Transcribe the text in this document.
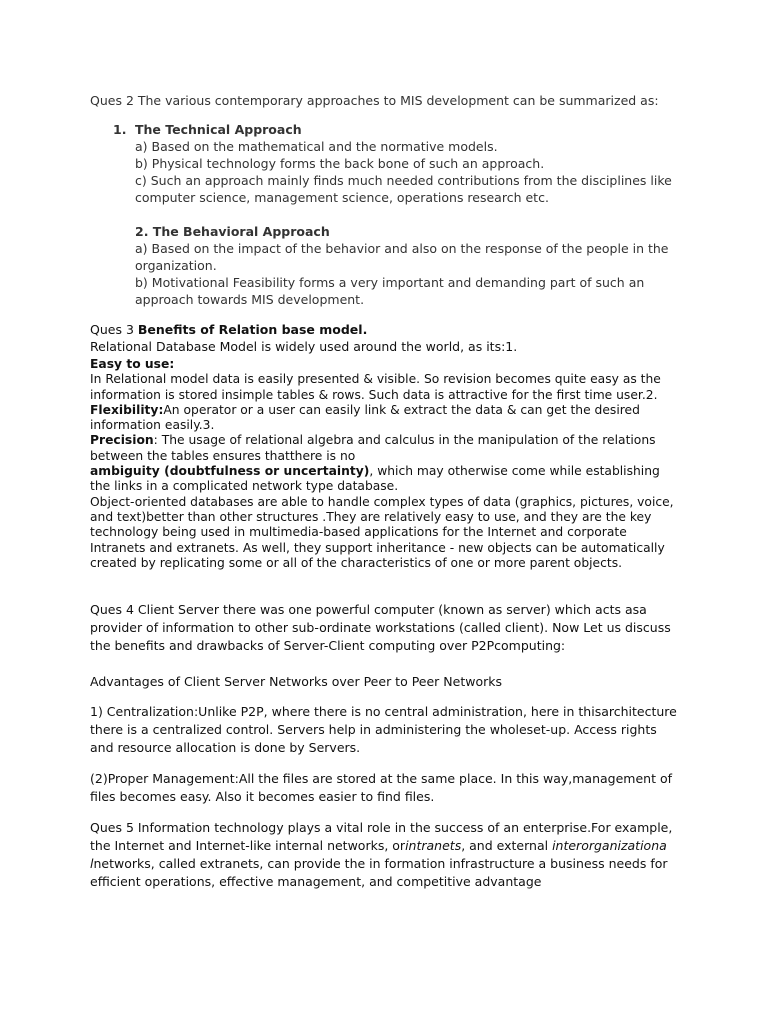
Ques 2 The various contemporary approaches to MIS development can be summarized as:

1. The Technical Approach
a) Based on the mathematical and the normative models.
b) Physical technology forms the back bone of such an approach.
c) Such an approach mainly finds much needed contributions from the disciplines like computer science, management science, operations research etc.
2. The Behavioral Approach
a) Based on the impact of the behavior and also on the response of the people in the organization.
b) Motivational Feasibility forms a very important and demanding part of such an approach towards MIS development.

Ques 3 Benefits of Relation base model.

Relational Database Model is widely used around the world, as its:1.

Easy to use:

In Relational model data is easily presented & visible. So revision becomes quite easy as the information is stored insimple tables & rows. Such data is attractive for the first time user.2.

Flexibility:An operator or a user can easily link & extract the data & can get the desired information easily.3.

Precision: The usage of relational algebra and calculus in the manipulation of the relations between the tables ensures thatthere is no

ambiguity (doubtfulness or uncertainty), which may otherwise come while establishing the links in a complicated network type database.

Object-oriented databases are able to handle complex types of data (graphics, pictures, voice, and text)better than other structures .They are relatively easy to use, and they are the key technology being used in multimedia-based applications for the Internet and corporate Intranets and extranets. As well, they support inheritance - new objects can be automatically created by replicating some or all of the characteristics of one or more parent objects.

Ques 4 Client Server there was one powerful computer (known as server) which acts asa provider of information to other sub-ordinate workstations (called client). Now Let us discuss the benefits and drawbacks of Server-Client computing over P2Pcomputing:

Advantages of Client Server Networks over Peer to Peer Networks

1) Centralization:Unlike P2P, where there is no central administration, here in thisarchitecture there is a centralized control. Servers help in administering the wholeset-up. Access rights and resource allocation is done by Servers.

(2)Proper Management:All the files are stored at the same place. In this way,management of files becomes easy. Also it becomes easier to find files.

Ques 5 Information technology plays a vital role in the success of an enterprise.For example, the Internet and Internet-like internal networks, orintranets, and external interorganizationa lnetworks, called extranets, can provide the in formation infrastructure a business needs for efficient operations, effective management, and competitive advantage
